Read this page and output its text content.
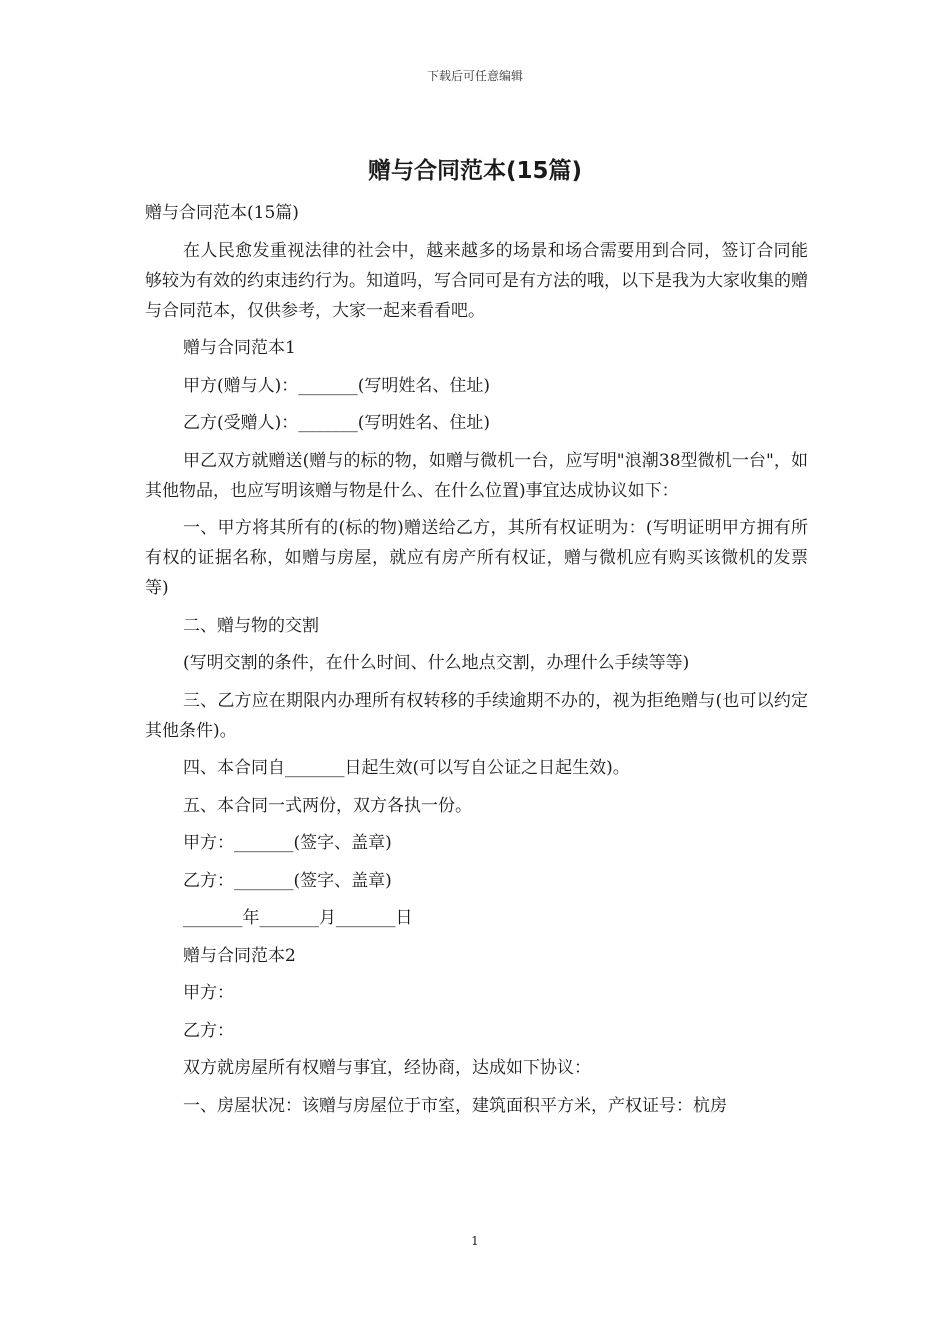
下载后可任意编辑
赠与合同范本(15篇)

赠与合同范本(15篇)

在人民愈发重视法律的社会中，越来越多的场景和场合需要用到合同，签订合同能够较为有效的约束违约行为。知道吗，写合同可是有方法的哦，以下是我为大家收集的赠与合同范本，仅供参考，大家一起来看看吧。

赠与合同范本1

甲方(赠与人)：_______(写明姓名、住址)

乙方(受赠人)：_______(写明姓名、住址)

甲乙双方就赠送(赠与的标的物，如赠与微机一台，应写明"浪潮38型微机一台"，如其他物品，也应写明该赠与物是什么、在什么位置)事宜达成协议如下：

一、甲方将其所有的(标的物)赠送给乙方，其所有权证明为：(写明证明甲方拥有所有权的证据名称，如赠与房屋，就应有房产所有权证，赠与微机应有购买该微机的发票等)

二、赠与物的交割

(写明交割的条件，在什么时间、什么地点交割，办理什么手续等等)

三、乙方应在期限内办理所有权转移的手续逾期不办的，视为拒绝赠与(也可以约定其他条件)。

四、本合同自_______日起生效(可以写自公证之日起生效)。

五、本合同一式两份，双方各执一份。

甲方：_______(签字、盖章)

乙方：_______(签字、盖章)

_______年_______月_______日

赠与合同范本2

甲方：

乙方：

双方就房屋所有权赠与事宜，经协商，达成如下协议：

一、房屋状况：该赠与房屋位于市室，建筑面积平方米，产权证号：杭房

1
